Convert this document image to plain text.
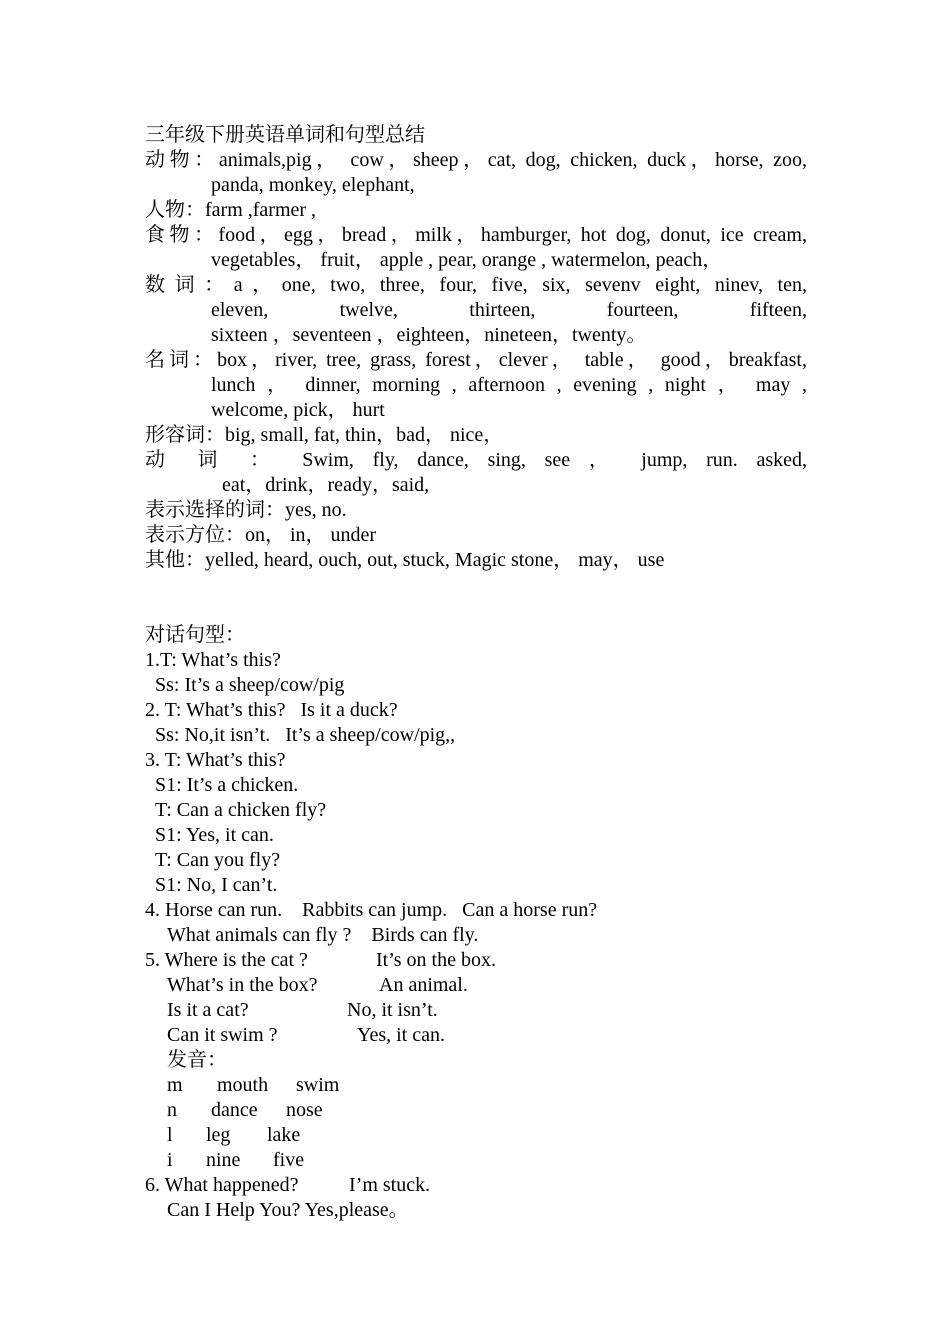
三年级下册英语单词和句型总结
动物：animals,pig， cow，sheep，cat, dog, chicken, duck，horse, zoo,
panda, monkey, elephant,
人物：farm ,farmer ,
食物：food，egg，bread，milk，hamburger, hot dog, donut, ice cream,
vegetables， fruit， apple , pear, orange , watermelon, peach，
数词：a，one, two, three, four, five, six, sevenv eight, ninev, ten,
eleven, twelve, thirteen, fourteen, fifteen,
sixteen ，seventeen ，eighteen，nineteen，twenty。
名词：box，river, tree, grass, forest，clever， table， good，breakfast,
lunch ， dinner, morning , afternoon , evening , night ， may ,
welcome, pick， hurt
形容词：big, small, fat, thin，bad， nice，
动 词 ： Swim, fly, dance, sing, see ， jump, run. asked,
eat，drink，ready，said,
表示选择的词：yes, no.
表示方位：on， in， under
其他：yelled, heard, ouch, out, stuck, Magic stone， may， use
对话句型：
1.T: What’s this?
Ss: It’s a sheep/cow/pig
2. T: What’s this?   Is it a duck?
Ss: No,it isn’t.   It’s a sheep/cow/pig,,
3. T: What’s this?
S1: It’s a chicken.
T: Can a chicken fly?
S1: Yes, it can.
T: Can you fly?
S1: No, I can’t.
4. Horse can run.    Rabbits can jump.   Can a horse run?
What animals can fly ?    Birds can fly.
5. Where is the cat ?	It’s on the box.
What’s in the box?	An animal.
Is it a cat?	No, it isn’t.
Can it swim ?	Yes, it can.
发音：
m mouth swim
n dance nose
l leg lake
i nine five
6. What happened?	I’m stuck.
Can I Help You? Yes,please。
